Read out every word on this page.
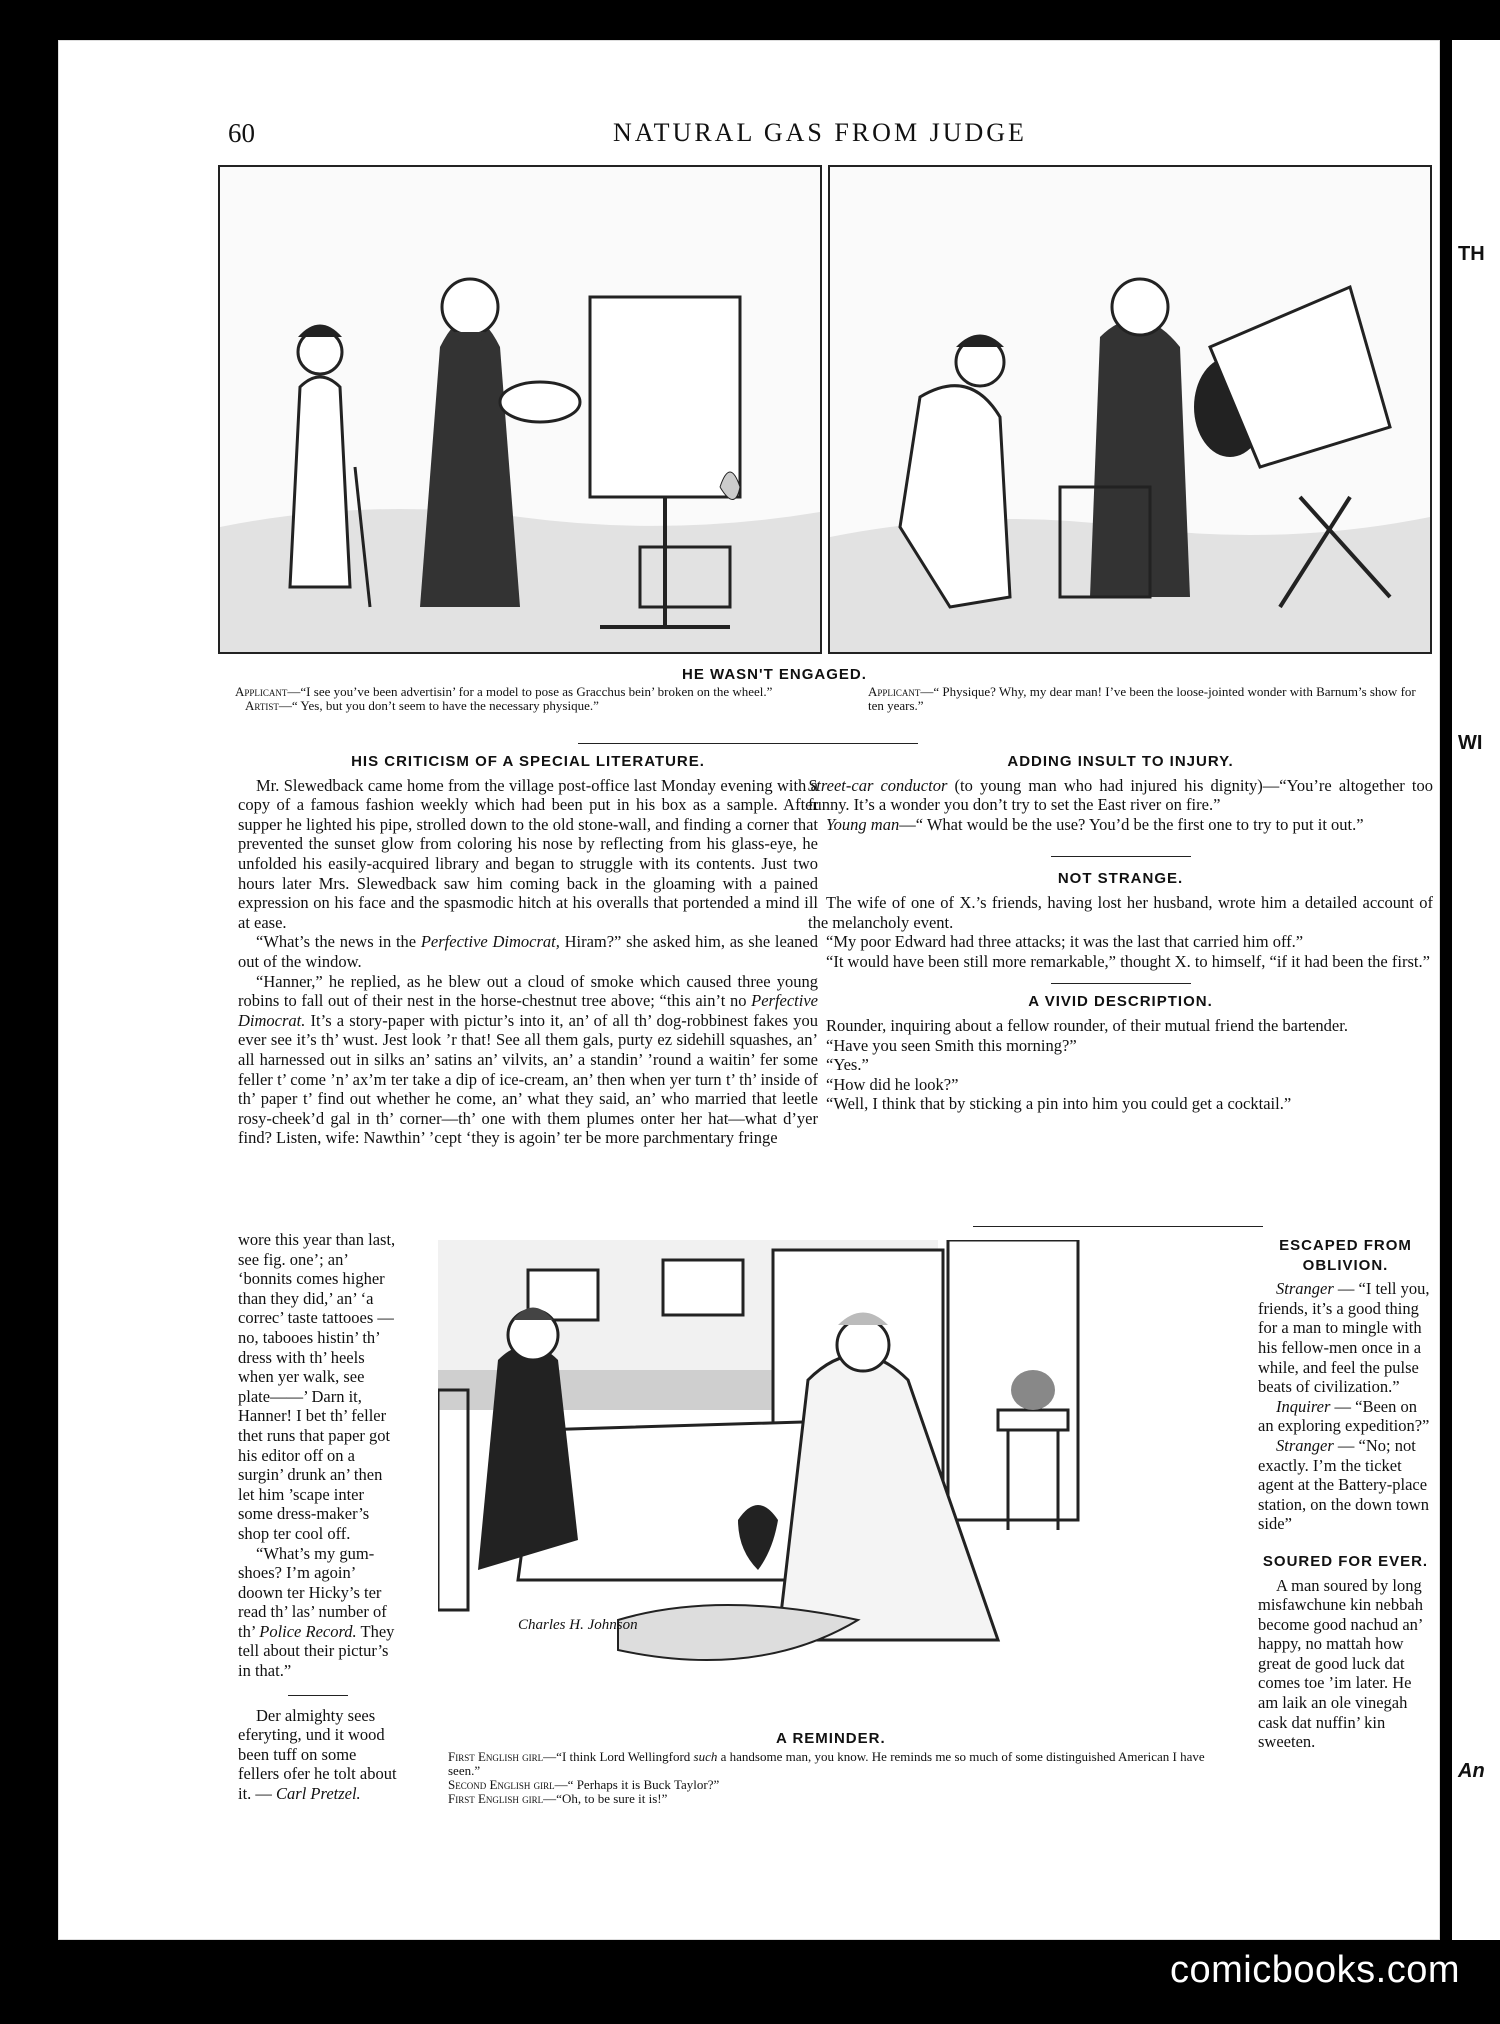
60	NATURAL GAS FROM JUDGE
HE WASN'T ENGAGED.
Applicant—“I see you’ve been advertisin’ for a model to pose as Gracchus bein’ broken on the wheel.”
Artist—“ Yes, but you don’t seem to have the necessary physique.”
Applicant—“ Physique? Why, my dear man! I’ve been the loose-jointed wonder with Barnum’s show for ten years.”
HIS CRITICISM OF A SPECIAL LITERATURE.

Mr. Slewedback came home from the village post-office last Monday evening with a copy of a famous fashion weekly which had been put in his box as a sample. After supper he lighted his pipe, strolled down to the old stone-wall, and finding a corner that prevented the sunset glow from coloring his nose by reflecting from his glass-eye, he unfolded his easily-acquired library and began to struggle with its contents. Just two hours later Mrs. Slewedback saw him coming back in the gloaming with a pained expression on his face and the spasmodic hitch at his overalls that portended a mind ill at ease.

“What’s the news in the Perfective Dimocrat, Hiram?” she asked him, as she leaned out of the window.

“Hanner,” he replied, as he blew out a cloud of smoke which caused three young robins to fall out of their nest in the horse-chestnut tree above; “this ain’t no Perfective Dimocrat. It’s a story-paper with pictur’s into it, an’ of all th’ dog-robbinest fakes you ever see it’s th’ wust. Jest look ’r that! See all them gals, purty ez sidehill squashes, an’ all harnessed out in silks an’ satins an’ vilvits, an’ a standin’ ’round a waitin’ fer some feller t’ come ’n’ ax’m ter take a dip of ice-cream, an’ then when yer turn t’ th’ inside of th’ paper t’ find out whether he come, an’ what they said, an’ who married that leetle rosy-cheek’d gal in th’ corner—th’ one with them plumes onter her hat—what d’yer find? Listen, wife: Nawthin’ ’cept ‘they is agoin’ ter be more parchmentary fringe

wore this year than last, see fig. one’; an’ ‘bonnits comes higher than they did,’ an’ ‘a correc’ taste tattooes — no, tabooes histin’ th’ dress with th’ heels when yer walk, see plate——’ Darn it, Hanner! I bet th’ feller thet runs that paper got his editor off on a surgin’ drunk an’ then let him ’scape inter some dress-maker’s shop ter cool off.

“What’s my gum-shoes? I’m agoin’ doown ter Hicky’s ter read th’ las’ number of th’ Police Record. They tell about their pictur’s in that.”

Der almighty sees eferyting, und it wood been tuff on some fellers ofer he tolt about it. — Carl Pretzel.

ADDING INSULT TO INJURY.

Street-car conductor (to young man who had injured his dignity)—“You’re altogether too funny. It’s a wonder you don’t try to set the East river on fire.”

Young man—“ What would be the use? You’d be the first one to try to put it out.”

NOT STRANGE.

The wife of one of X.’s friends, having lost her husband, wrote him a detailed account of the melancholy event.

“My poor Edward had three attacks; it was the last that carried him off.”

“It would have been still more remarkable,” thought X. to himself, “if it had been the first.”

A VIVID DESCRIPTION.

Rounder, inquiring about a fellow rounder, of their mutual friend the bartender.

“Have you seen Smith this morning?”

“Yes.”

“How did he look?”

“Well, I think that by sticking a pin into him you could get a cocktail.”

Charles H. Johnson
A REMINDER.
First English girl—“I think Lord Wellingford such a handsome man, you know. He reminds me so much of some distinguished American I have seen.”
Second English girl—“ Perhaps it is Buck Taylor?”
First English girl—“Oh, to be sure it is!”
ESCAPED FROM OBLIVION.

Stranger — “I tell you, friends, it’s a good thing for a man to mingle with his fellow-men once in a while, and feel the pulse beats of civilization.”

Inquirer — “Been on an exploring expedition?”

Stranger — “No; not exactly. I’m the ticket agent at the Battery-place station, on the down town side”

SOURED FOR EVER.

A man soured by long misfawchune kin nebbah become good nachud an’ happy, no mattah how great de good luck dat comes toe ’im later. He am laik an ole vinegah cask dat nuffin’ kin sweeten.

TH
WI
An
comicbooks.com
